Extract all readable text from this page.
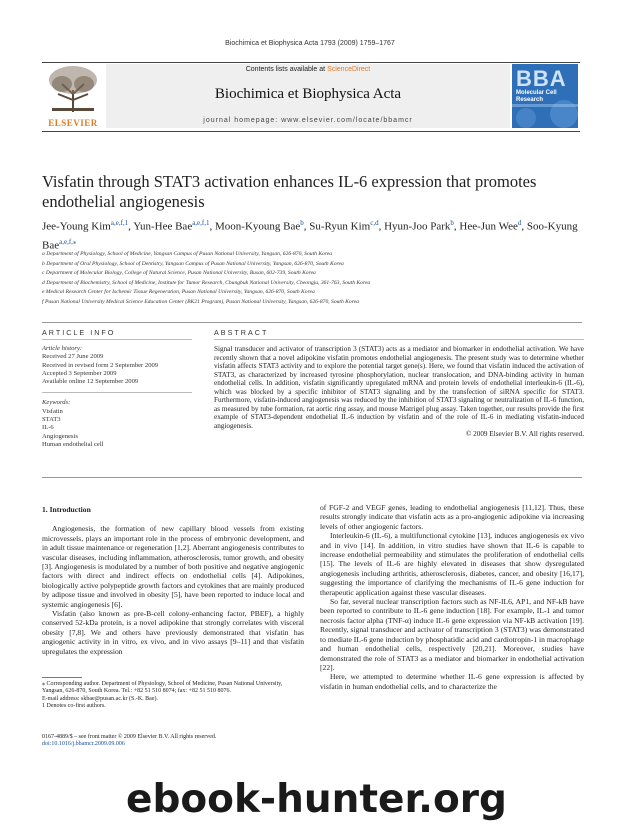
Biochimica et Biophysica Acta 1793 (2009) 1759–1767
ELSEVIER
Contents lists available at ScienceDirect
Biochimica et Biophysica Acta
journal homepage: www.elsevier.com/locate/bbamcr
BBA
Molecular Cell Research
Visfatin through STAT3 activation enhances IL-6 expression that promotes endothelial angiogenesis
Jee-Young Kim$^{a,e,f,1}$, Yun-Hee Bae$^{a,e,f,1}$, Moon-Kyoung Bae$^b$, Su-Ryun Kim$^{c,d}$, Hyun-Joo Park$^b$, Hee-Jun Wee$^d$, Soo-Kyung Bae$^{a,e,f,⁎}$
a Department of Physiology, School of Medicine, Yangsan Campus of Pusan National University, Yangsan, 626-870, South Korea
b Department of Oral Physiology, School of Dentistry, Yangsan Campus of Pusan National University, Yangsan, 626-870, South Korea
c Department of Molecular Biology, College of Natural Science, Pusan National University, Busan, 602-739, South Korea
d Department of Biochemistry, School of Medicine, Institute for Tumor Research, Chungbuk National University, Cheongju, 361-763, South Korea
e Medical Research Center for Ischemic Tissue Regeneration, Pusan National University, Yangsan, 626-870, South Korea
f Pusan National University Medical Science Education Center (BK21 Program), Pusan National University, Yangsan, 626-870, South Korea
ARTICLE INFO	ABSTRACT
Article history:
Received 27 June 2009
Received in revised form 2 September 2009
Accepted 3 September 2009
Available online 12 September 2009
Keywords:
Visfatin
STAT3
IL-6
Angiogenesis
Human endothelial cell
Signal transducer and activator of transcription 3 (STAT3) acts as a mediator and biomarker in endothelial activation. We have recently shown that a novel adipokine visfatin promotes endothelial angiogenesis. The present study was to determine whether visfatin affects STAT3 activity and to explore the potential target gene(s). Here, we found that visfatin induced the activation of STAT3, as characterized by increased tyrosine phosphorylation, nuclear translocation, and DNA-binding activity in human endothelial cells. In addition, visfatin significantly upregulated mRNA and protein levels of endothelial interleukin-6 (IL-6), which was blocked by a specific inhibitor of STAT3 signaling and by the transfection of siRNA specific for STAT3. Furthermore, visfatin-induced angiogenesis was reduced by the inhibition of STAT3 signaling or neutralization of IL-6 function, as measured by tube formation, rat aortic ring assay, and mouse Matrigel plug assay. Taken together, our results provide the first example of STAT3-dependent endothelial IL-6 induction by visfatin and of the role of IL-6 in mediating visfatin-induced angiogenesis.
© 2009 Elsevier B.V. All rights reserved.
1. Introduction

Angiogenesis, the formation of new capillary blood vessels from existing microvessels, plays an important role in the process of embryonic development, and in adult tissue maintenance or regeneration [1,2]. Aberrant angiogenesis contributes to vascular diseases, including inflammation, atherosclerosis, tumor growth, and obesity [3]. Angiogenesis is modulated by a number of both positive and negative angiogenic factors with direct and indirect effects on endothelial cells [4]. Adipokines, biologically active polypeptide growth factors and cytokines that are mainly produced by adipose tissue and involved in obesity [5], have been reported to induce local and systemic angiogenesis [6].

Visfatin (also known as pre-B-cell colony-enhancing factor, PBEF), a highly conserved 52-kDa protein, is a novel adipokine that strongly correlates with visceral obesity [7,8]. We and others have previously demonstrated that visfatin has angiogenic activity in in vitro, ex vivo, and in vivo assays [9–11] and that visfatin upregulates the expression

of FGF-2 and VEGF genes, leading to endothelial angiogenesis [11,12]. Thus, these results strongly indicate that visfatin acts as a pro-angiogenic adipokine via increasing levels of other angiogenic factors.

Interleukin-6 (IL-6), a multifunctional cytokine [13], induces angiogenesis ex vivo and in vivo [14]. In addition, in vitro studies have shown that IL-6 is capable to increase endothelial permeability and stimulates the proliferation of endothelial cells [15]. The levels of IL-6 are highly elevated in diseases that show dysregulated angiogenesis including arthritis, atherosclerosis, diabetes, cancer, and obesity [16,17], suggesting the importance of clarifying the mechanisms of IL-6 gene induction for therapeutic application against these vascular diseases.

So far, several nuclear transcription factors such as NF-IL6, AP1, and NF-kB have been reported to contribute to IL-6 gene induction [18]. For example, IL-1 and tumor necrosis factor alpha (TNF-α) induce IL-6 gene expression via NF-kB activation [19]. Recently, signal transducer and activator of transcription 3 (STAT3) was demonstrated to mediate IL-6 gene induction by phosphatidic acid and cardiotropin-1 in macrophage and human endothelial cells, respectively [20,21]. Moreover, studies have demonstrated the role of STAT3 as a mediator and biomarker in endothelial activation [22].

Here, we attempted to determine whether IL-6 gene expression is affected by visfatin in human endothelial cells, and to characterize the

⁎ Corresponding author. Department of Physiology, School of Medicine, Pusan National University, Yangsan, 626-870, South Korea. Tel.: +82 51 510 8074; fax: +82 51 510 8076.
E-mail address: skbae@pusan.ac.kr (S.-K. Bae).
1 Denotes co-first authors.
0167-4889/$ – see front matter © 2009 Elsevier B.V. All rights reserved.
doi:10.1016/j.bbamcr.2009.09.006
ebook-hunter.org
